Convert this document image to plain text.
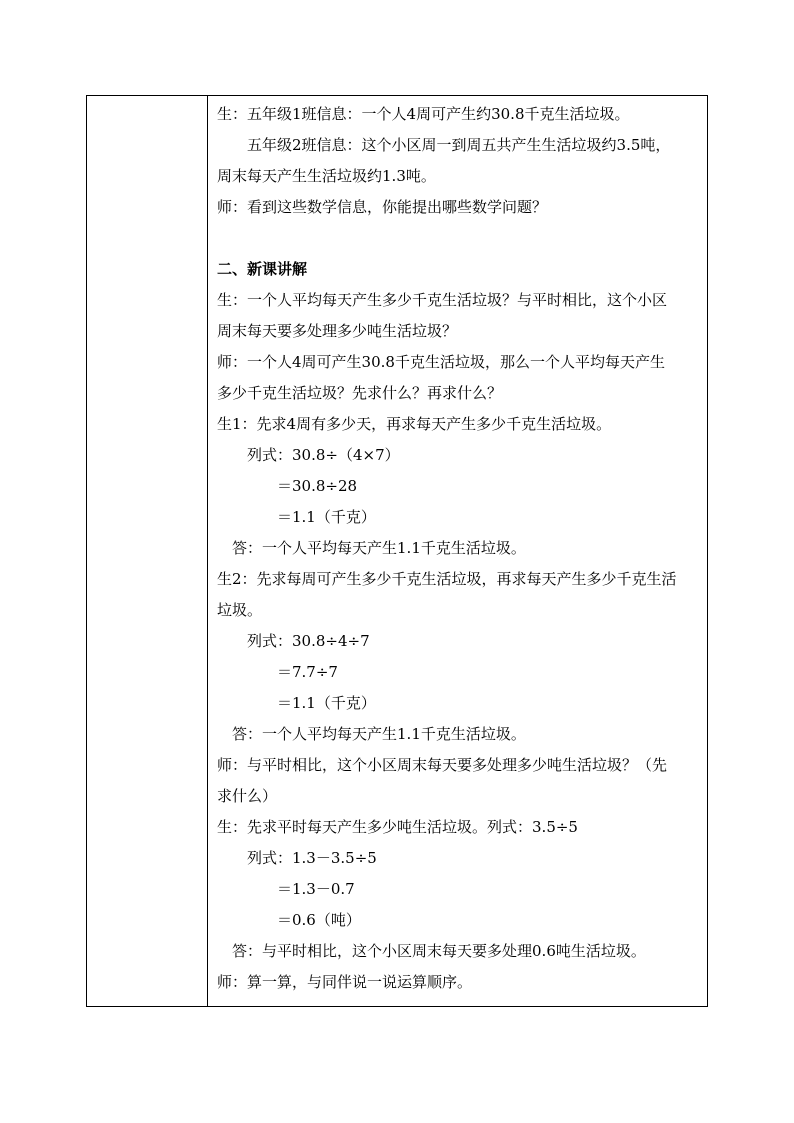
生：五年级1班信息：一个人4周可产生约30.8千克生活垃圾。
　　五年级2班信息：这个小区周一到周五共产生生活垃圾约3.5吨，
周末每天产生生活垃圾约1.3吨。
师：看到这些数学信息，你能提出哪些数学问题？
二、新课讲解
生：一个人平均每天产生多少千克生活垃圾？与平时相比，这个小区
周末每天要多处理多少吨生活垃圾？
师：一个人4周可产生30.8千克生活垃圾，那么一个人平均每天产生
多少千克生活垃圾？先求什么？再求什么？
生1：先求4周有多少天，再求每天产生多少千克生活垃圾。
　　列式：30.8÷（4×7）
　　　　＝30.8÷28
　　　　＝1.1（千克）
　答：一个人平均每天产生1.1千克生活垃圾。
生2：先求每周可产生多少千克生活垃圾，再求每天产生多少千克生活
垃圾。
　　列式：30.8÷4÷7
　　　　＝7.7÷7
　　　　＝1.1（千克）
　答：一个人平均每天产生1.1千克生活垃圾。
师：与平时相比，这个小区周末每天要多处理多少吨生活垃圾？（先
求什么）
生：先求平时每天产生多少吨生活垃圾。列式：3.5÷5
　　列式：1.3－3.5÷5
　　　　＝1.3－0.7
　　　　＝0.6（吨）
　答：与平时相比，这个小区周末每天要多处理0.6吨生活垃圾。
师：算一算，与同伴说一说运算顺序。
